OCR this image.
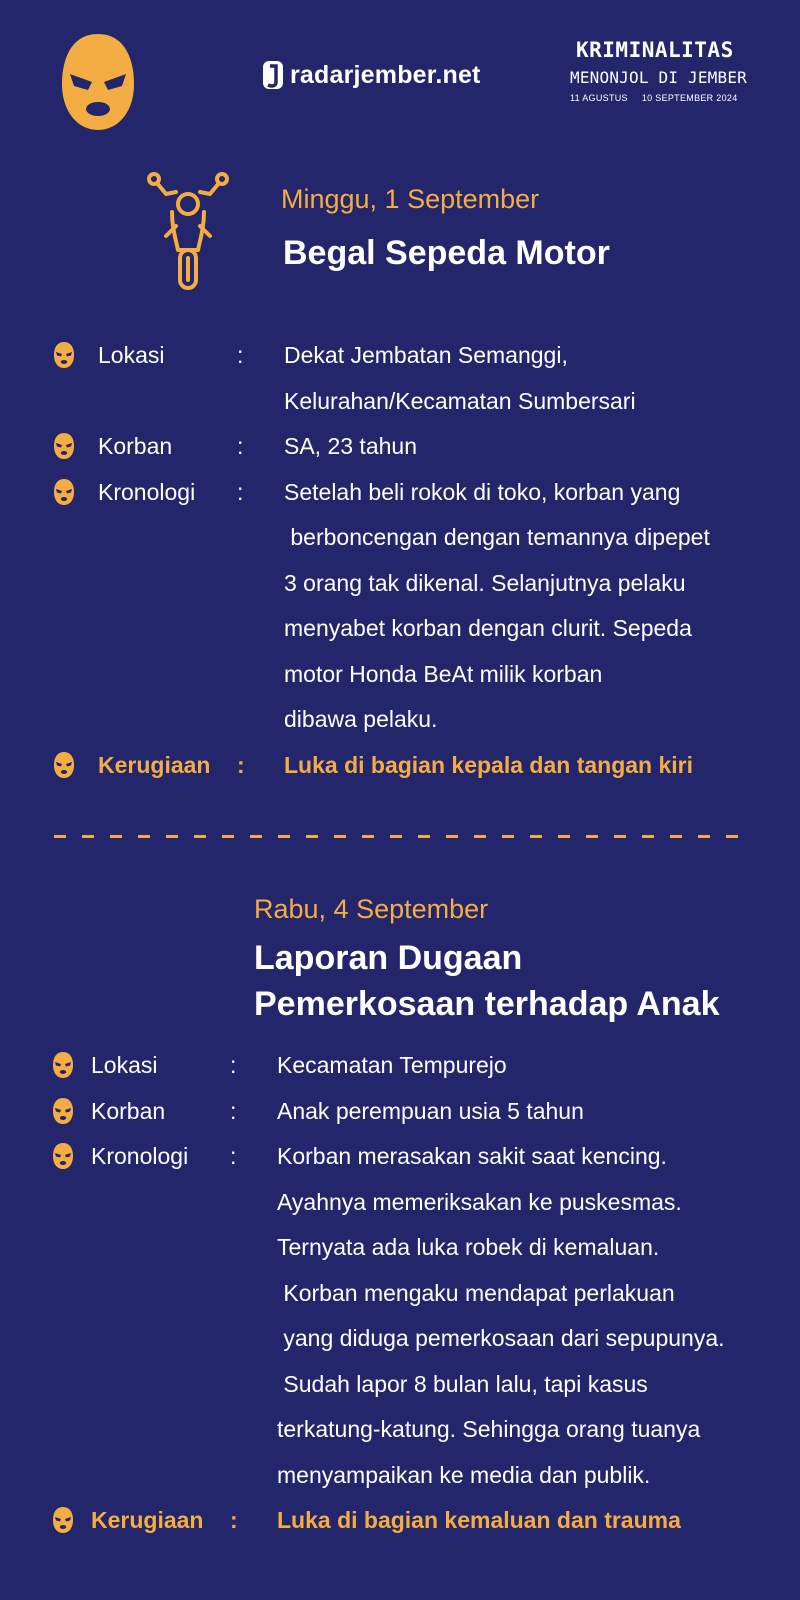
radarjember.net
KRIMINALITAS
MENONJOL DI JEMBER
11 AGUSTUS 10 SEPTEMBER 2024
Minggu, 1 September
Begal Sepeda Motor
Lokasi	: Dekat Jembatan Semanggi,
Kelurahan/Kecamatan Sumbersari
Korban	: SA, 23 tahun
Kronologi : Setelah beli rokok di toko, korban yang
berboncengan dengan temannya dipepet
3 orang tak dikenal. Selanjutnya pelaku
menyabet korban dengan clurit. Sepeda
motor Honda BeAt milik korban
dibawa pelaku.
Kerugiaan : Luka di bagian kepala dan tangan kiri
Rabu, 4 September
Laporan Dugaan
Pemerkosaan terhadap Anak
Lokasi	: Kecamatan Tempurejo
Korban	: Anak perempuan usia 5 tahun
Kronologi : Korban merasakan sakit saat kencing.
Ayahnya memeriksakan ke puskesmas.
Ternyata ada luka robek di kemaluan.
Korban mengaku mendapat perlakuan
yang diduga pemerkosaan dari sepupunya.
Sudah lapor 8 bulan lalu, tapi kasus
terkatung-katung. Sehingga orang tuanya
menyampaikan ke media dan publik.
Kerugiaan : Luka di bagian kemaluan dan trauma
